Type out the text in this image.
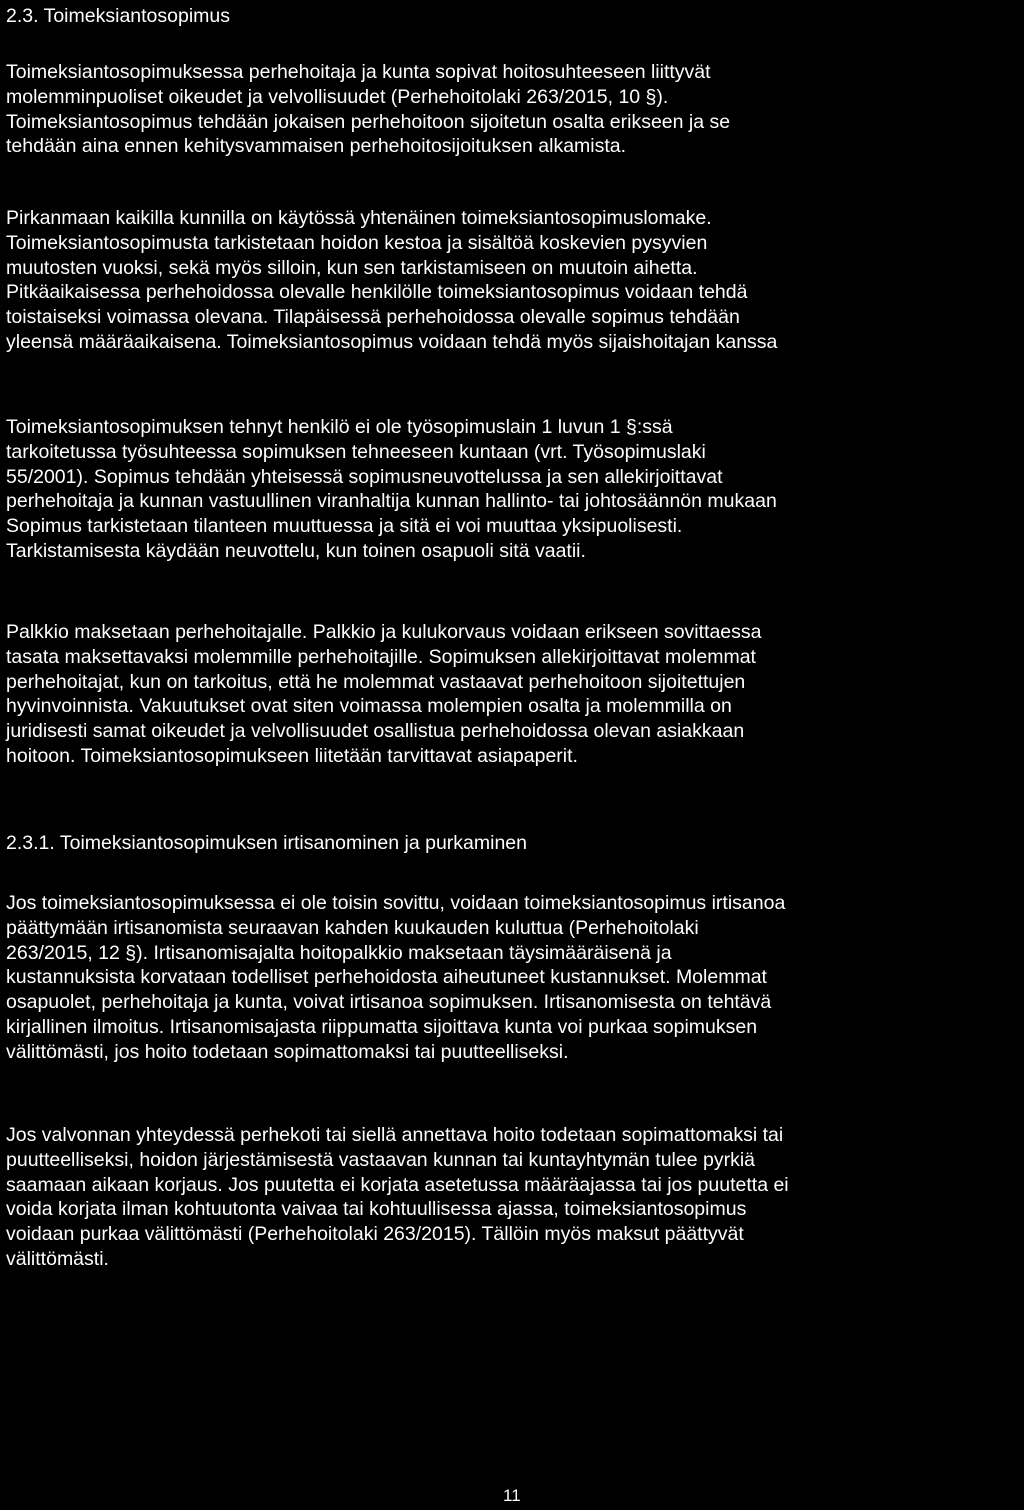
2.3. Toimeksiantosopimus
Toimeksiantosopimuksessa perhehoitaja ja kunta sopivat hoitosuhteeseen liittyvät
molemminpuoliset oikeudet ja velvollisuudet (Perhehoitolaki 263/2015, 10 §).
Toimeksiantosopimus tehdään jokaisen perhehoitoon sijoitetun osalta erikseen ja se
tehdään aina ennen kehitysvammaisen perhehoitosijoituksen alkamista.
Pirkanmaan kaikilla kunnilla on käytössä yhtenäinen toimeksiantosopimuslomake.
Toimeksiantosopimusta tarkistetaan hoidon kestoa ja sisältöä koskevien pysyvien
muutosten vuoksi, sekä myös silloin, kun sen tarkistamiseen on muutoin aihetta.
Pitkäaikaisessa perhehoidossa olevalle henkilölle toimeksiantosopimus voidaan tehdä
toistaiseksi voimassa olevana. Tilapäisessä perhehoidossa olevalle sopimus tehdään
yleensä määräaikaisena. Toimeksiantosopimus voidaan tehdä myös sijaishoitajan kanssa
Toimeksiantosopimuksen tehnyt henkilö ei ole työsopimuslain 1 luvun 1 §:ssä
tarkoitetussa työsuhteessa sopimuksen tehneeseen kuntaan (vrt. Työsopimuslaki
55/2001). Sopimus tehdään yhteisessä sopimusneuvottelussa ja sen allekirjoittavat
perhehoitaja ja kunnan vastuullinen viranhaltija kunnan hallinto- tai johtosäännön mukaan
Sopimus tarkistetaan tilanteen muuttuessa ja sitä ei voi muuttaa yksipuolisesti.
Tarkistamisesta käydään neuvottelu, kun toinen osapuoli sitä vaatii.
Palkkio maksetaan perhehoitajalle. Palkkio ja kulukorvaus voidaan erikseen sovittaessa
tasata maksettavaksi molemmille perhehoitajille. Sopimuksen allekirjoittavat molemmat
perhehoitajat, kun on tarkoitus, että he molemmat vastaavat perhehoitoon sijoitettujen
hyvinvoinnista. Vakuutukset ovat siten voimassa molempien osalta ja molemmilla on
juridisesti samat oikeudet ja velvollisuudet osallistua perhehoidossa olevan asiakkaan
hoitoon. Toimeksiantosopimukseen liitetään tarvittavat asiapaperit.
2.3.1. Toimeksiantosopimuksen irtisanominen ja purkaminen
Jos toimeksiantosopimuksessa ei ole toisin sovittu, voidaan toimeksiantosopimus irtisanoa
päättymään irtisanomista seuraavan kahden kuukauden kuluttua (Perhehoitolaki
263/2015, 12 §). Irtisanomisajalta hoitopalkkio maksetaan täysimääräisenä ja
kustannuksista korvataan todelliset perhehoidosta aiheutuneet kustannukset. Molemmat
osapuolet, perhehoitaja ja kunta, voivat irtisanoa sopimuksen. Irtisanomisesta on tehtävä
kirjallinen ilmoitus. Irtisanomisajasta riippumatta sijoittava kunta voi purkaa sopimuksen
välittömästi, jos hoito todetaan sopimattomaksi tai puutteelliseksi.
Jos valvonnan yhteydessä perhekoti tai siellä annettava hoito todetaan sopimattomaksi tai
puutteelliseksi, hoidon järjestämisestä vastaavan kunnan tai kuntayhtymän tulee pyrkiä
saamaan aikaan korjaus. Jos puutetta ei korjata asetetussa määräajassa tai jos puutetta ei
voida korjata ilman kohtuutonta vaivaa tai kohtuullisessa ajassa, toimeksiantosopimus
voidaan purkaa välittömästi (Perhehoitolaki 263/2015). Tällöin myös maksut päättyvät
välittömästi.

11
